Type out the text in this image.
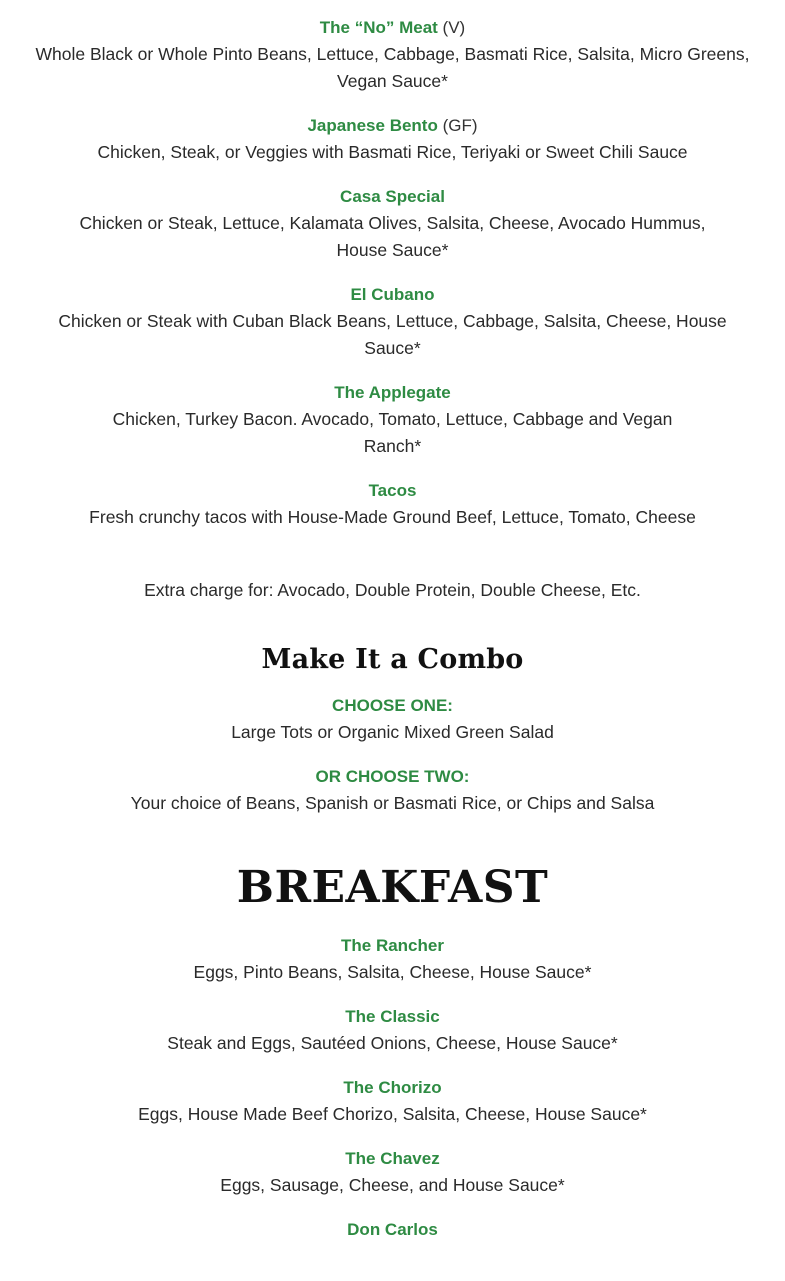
The “No” Meat (V)
Whole Black or Whole Pinto Beans, Lettuce, Cabbage, Basmati Rice, Salsita, Micro Greens, Vegan Sauce*
Japanese Bento (GF)
Chicken, Steak, or Veggies with Basmati Rice, Teriyaki or Sweet Chili Sauce
Casa Special
Chicken or Steak, Lettuce, Kalamata Olives, Salsita, Cheese, Avocado Hummus, House Sauce*
El Cubano
Chicken or Steak with Cuban Black Beans, Lettuce, Cabbage, Salsita, Cheese, House Sauce*
The Applegate
Chicken, Turkey Bacon. Avocado, Tomato, Lettuce, Cabbage and Vegan Ranch*
Tacos
Fresh crunchy tacos with House-Made Ground Beef, Lettuce, Tomato, Cheese
Extra charge for: Avocado, Double Protein, Double Cheese, Etc.
Make It a Combo
CHOOSE ONE:
Large Tots or Organic Mixed Green Salad
OR CHOOSE TWO:
Your choice of Beans, Spanish or Basmati Rice, or Chips and Salsa
BREAKFAST
The Rancher
Eggs, Pinto Beans, Salsita, Cheese, House Sauce*
The Classic
Steak and Eggs, Sautéed Onions, Cheese, House Sauce*
The Chorizo
Eggs, House Made Beef Chorizo, Salsita, Cheese, House Sauce*
The Chavez
Eggs, Sausage, Cheese, and House Sauce*
Don Carlos
